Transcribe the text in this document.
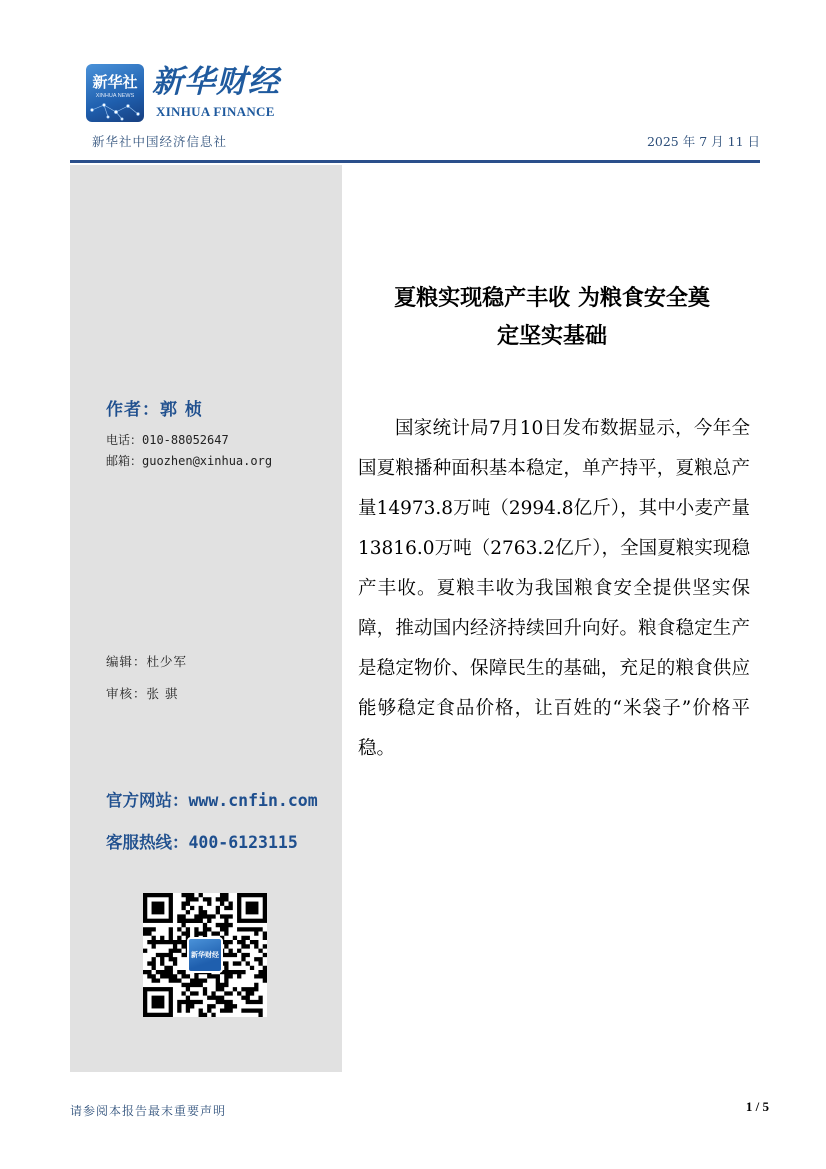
新华社
XINHUA NEWS 新华财经
XINHUA FINANCE
新华社中国经济信息社	2025 年 7 月 11 日
作者：郭 桢
电话：010-88052647
邮箱：guozhen@xinhua.org
编辑：杜少军
审核：张 骐
官方网站：www.cnfin.com
客服热线：400-6123115
新华财经
夏粮实现稳产丰收 为粮食安全奠
定坚实基础

国家统计局7月10日发布数据显示，今年全国夏粮播种面积基本稳定，单产持平，夏粮总产量14973.8万吨（2994.8亿斤），其中小麦产量13816.0万吨（2763.2亿斤），全国夏粮实现稳产丰收。夏粮丰收为我国粮食安全提供坚实保障，推动国内经济持续回升向好。粮食稳定生产是稳定物价、保障民生的基础，充足的粮食供应能够稳定食品价格，让百姓的“米袋子”价格平稳。

请参阅本报告最末重要声明	1 / 5
